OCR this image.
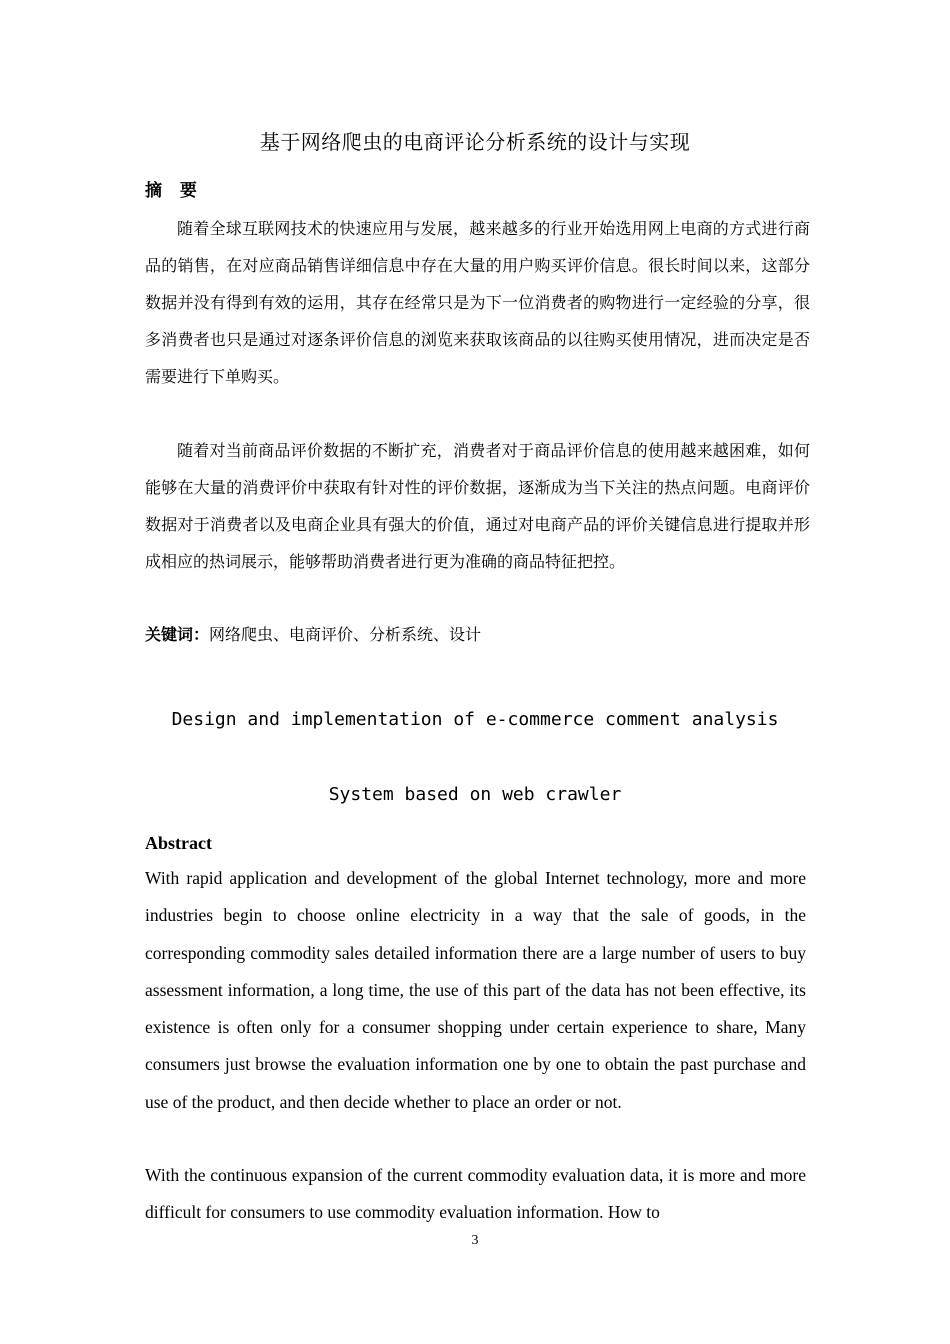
基于网络爬虫的电商评论分析系统的设计与实现
摘 要

随着全球互联网技术的快速应用与发展，越来越多的行业开始选用网上电商的方式进行商品的销售，在对应商品销售详细信息中存在大量的用户购买评价信息。很长时间以来，这部分数据并没有得到有效的运用，其存在经常只是为下一位消费者的购物进行一定经验的分享，很多消费者也只是通过对逐条评价信息的浏览来获取该商品的以往购买使用情况，进而决定是否需要进行下单购买。

随着对当前商品评价数据的不断扩充，消费者对于商品评价信息的使用越来越困难，如何能够在大量的消费评价中获取有针对性的评价数据，逐渐成为当下关注的热点问题。电商评价数据对于消费者以及电商企业具有强大的价值，通过对电商产品的评价关键信息进行提取并形成相应的热词展示，能够帮助消费者进行更为准确的商品特征把控。

关键词：网络爬虫、电商评价、分析系统、设计

Design and implementation of e-commerce comment analysis

System based on web crawler

Abstract

With rapid application and development of the global Internet technology, more and more industries begin to choose online electricity in a way that the sale of goods, in the corresponding commodity sales detailed information there are a large number of users to buy assessment information, a long time, the use of this part of the data has not been effective, its existence is often only for a consumer shopping under certain experience to share, Many consumers just browse the evaluation information one by one to obtain the past purchase and use of the product, and then decide whether to place an order or not.

With the continuous expansion of the current commodity evaluation data, it is more and more difficult for consumers to use commodity evaluation information. How to

3
